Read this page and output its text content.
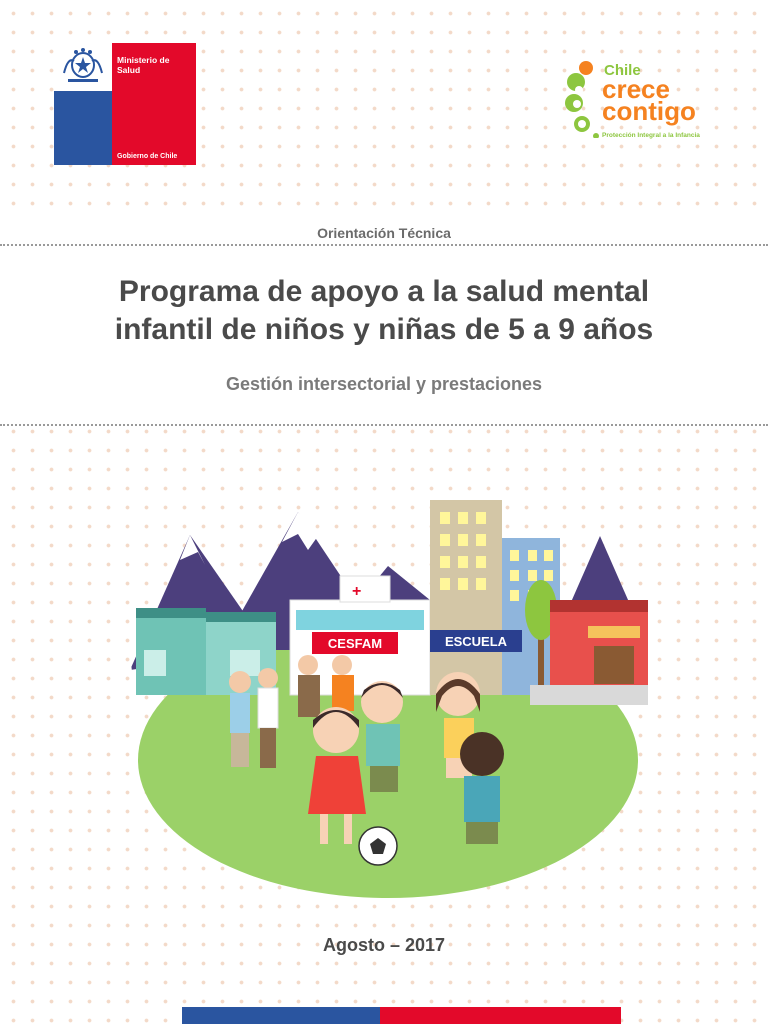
Ministerio de
Salud
Gobierno de Chile
Chile
crece
contigo
Protección Integral a la Infancia
Orientación Técnica
Programa de apoyo a la salud mental
infantil de niños y niñas de 5 a 9 años
Gestión intersectorial y prestaciones
+
CESFAM	ESCUELA
Agosto – 2017
